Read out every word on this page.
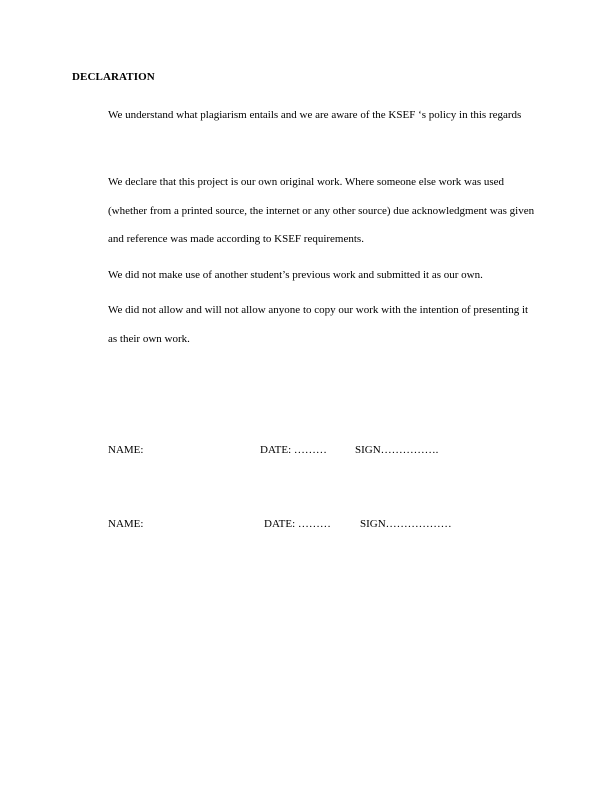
DECLARATION

We understand what plagiarism entails and we are aware of the KSEF ‘s policy in this regards

We declare that this project is our own original work. Where someone else work was used (whether from a printed source, the internet or any other source) due acknowledgment was given and reference was made according to KSEF requirements.

We did not make use of another student’s previous work and submitted it as our own.

We did not allow and will not allow anyone to copy our work with the intention of presenting it as their own work.

NAME:	DATE: ………	SIGN…………….
NAME:	DATE: ………	SIGN………………
